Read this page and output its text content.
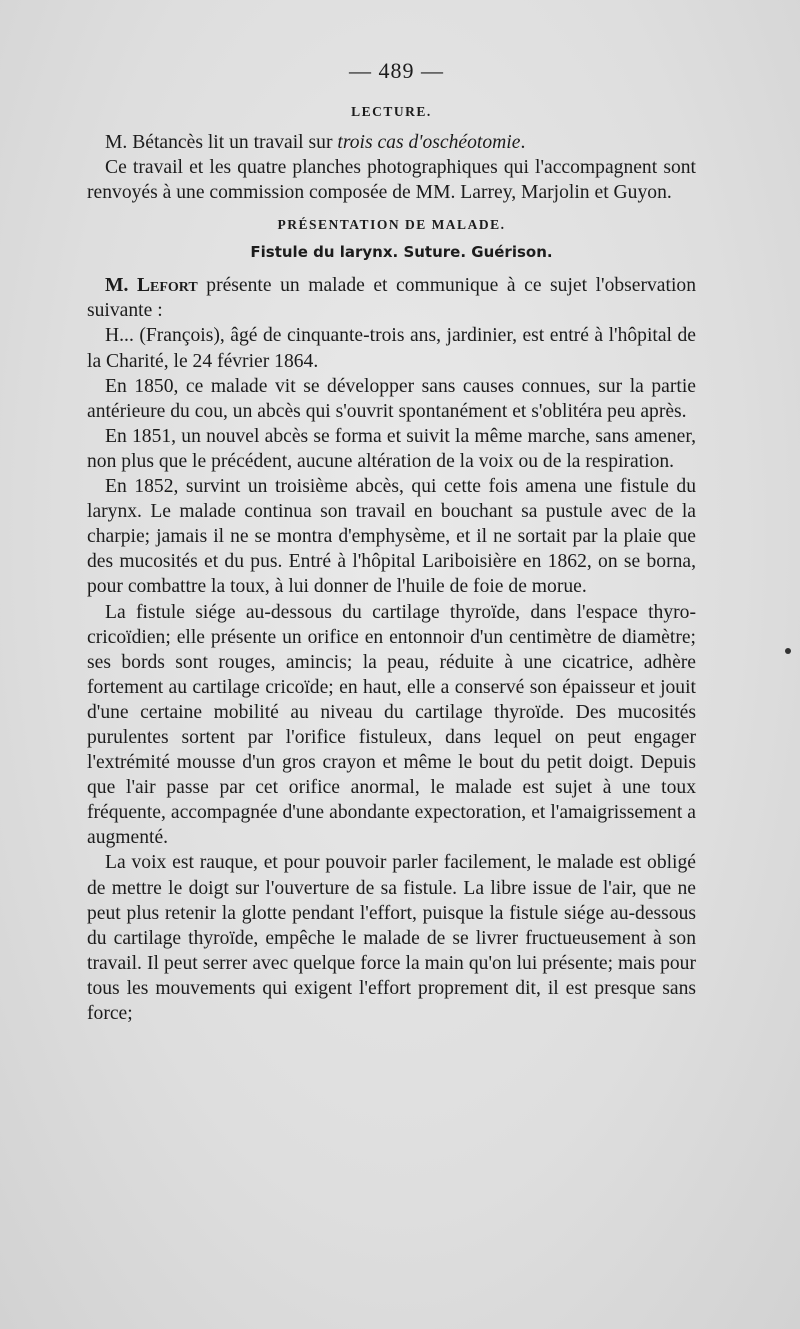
— 489 —
LECTURE.

M. Bétancès lit un travail sur trois cas d'oschéotomie.

Ce travail et les quatre planches photographiques qui l'accompagnent sont renvoyés à une commission composée de MM. Larrey, Marjolin et Guyon.

PRÉSENTATION DE MALADE.
Fistule du larynx. Suture. Guérison.

M. Lefort présente un malade et communique à ce sujet l'observation suivante :

H... (François), âgé de cinquante-trois ans, jardinier, est entré à l'hôpital de la Charité, le 24 février 1864.

En 1850, ce malade vit se développer sans causes connues, sur la partie antérieure du cou, un abcès qui s'ouvrit spontanément et s'oblitéra peu après.

En 1851, un nouvel abcès se forma et suivit la même marche, sans amener, non plus que le précédent, aucune altération de la voix ou de la respiration.

En 1852, survint un troisième abcès, qui cette fois amena une fistule du larynx. Le malade continua son travail en bouchant sa pustule avec de la charpie; jamais il ne se montra d'emphysème, et il ne sortait par la plaie que des mucosités et du pus. Entré à l'hôpital Lariboisière en 1862, on se borna, pour combattre la toux, à lui donner de l'huile de foie de morue.

La fistule siége au-dessous du cartilage thyroïde, dans l'espace thyro-cricoïdien; elle présente un orifice en entonnoir d'un centimètre de diamètre; ses bords sont rouges, amincis; la peau, réduite à une cicatrice, adhère fortement au cartilage cricoïde; en haut, elle a conservé son épaisseur et jouit d'une certaine mobilité au niveau du cartilage thyroïde. Des mucosités purulentes sortent par l'orifice fistuleux, dans lequel on peut engager l'extrémité mousse d'un gros crayon et même le bout du petit doigt. Depuis que l'air passe par cet orifice anormal, le malade est sujet à une toux fréquente, accompagnée d'une abondante expectoration, et l'amaigrissement a augmenté.

La voix est rauque, et pour pouvoir parler facilement, le malade est obligé de mettre le doigt sur l'ouverture de sa fistule. La libre issue de l'air, que ne peut plus retenir la glotte pendant l'effort, puisque la fistule siége au-dessous du cartilage thyroïde, empêche le malade de se livrer fructueusement à son travail. Il peut serrer avec quelque force la main qu'on lui présente; mais pour tous les mouvements qui exigent l'effort proprement dit, il est presque sans force;
